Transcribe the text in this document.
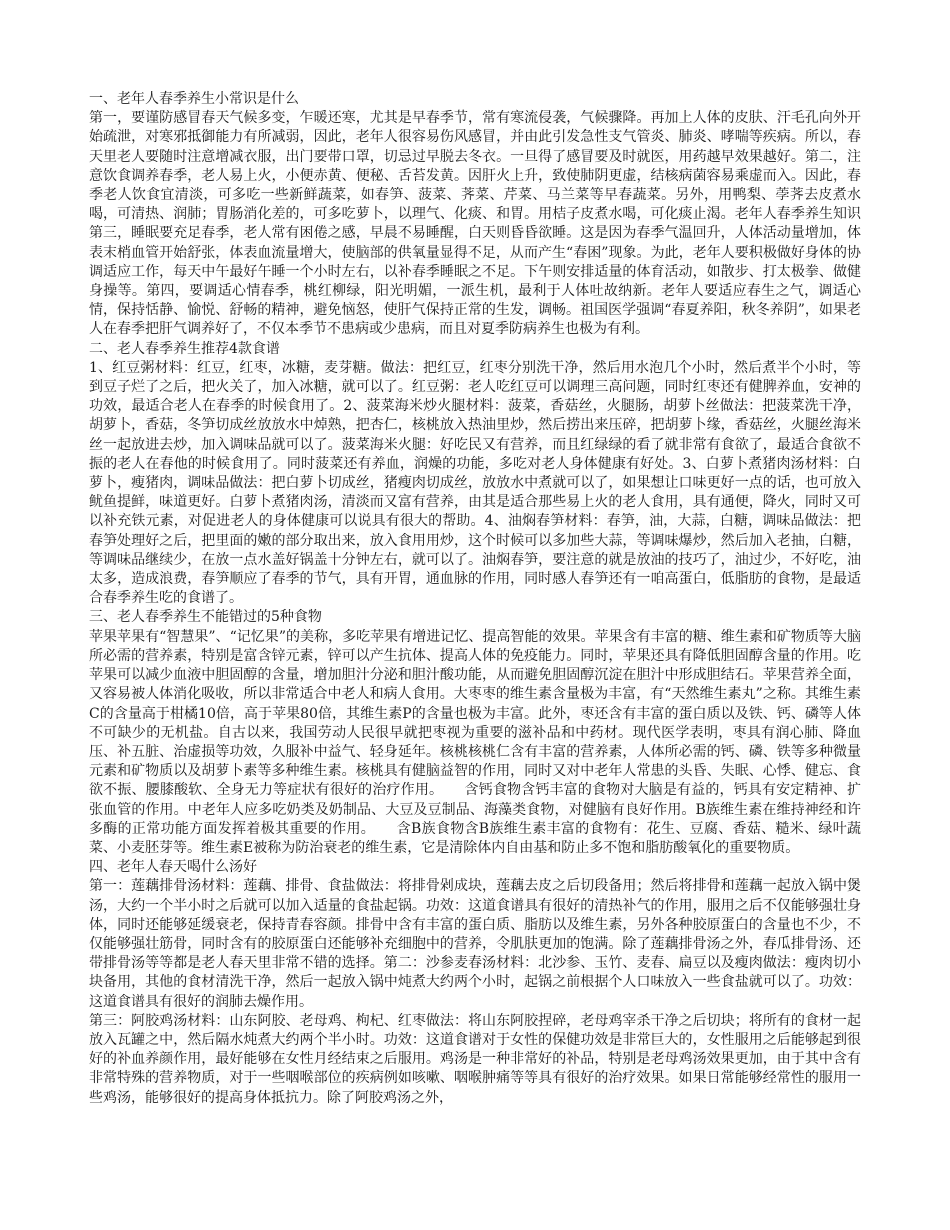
一、老年人春季养生小常识是什么

第一，要谨防感冒春天气候多变，乍暖还寒，尤其是早春季节，常有寒流侵袭，气候骤降。再加上人体的皮肤、汗毛孔向外开始疏泄，对寒邪抵御能力有所减弱，因此，老年人很容易伤风感冒，并由此引发急性支气管炎、肺炎、哮喘等疾病。所以，春天里老人要随时注意增减衣服，出门要带口罩，切忌过早脱去冬衣。一旦得了感冒要及时就医，用药越早效果越好。第二，注意饮食调养春季，老人易上火，小便赤黄、便秘、舌苔发黄。因肝火上升，致使肺阴更虚，结核病菌容易乘虚而入。因此，春季老人饮食宜清淡，可多吃一些新鲜蔬菜，如春笋、菠菜、荠菜、芹菜、马兰菜等早春蔬菜。另外，用鸭梨、荸荠去皮煮水喝，可清热、润肺；胃肠消化差的，可多吃萝卜，以理气、化痰、和胃。用桔子皮煮水喝，可化痰止渴。老年人春季养生知识第三，睡眠要充足春季，老人常有困倦之感，早晨不易睡醒，白天则昏昏欲睡。这是因为春季气温回升，人体活动量增加，体表末梢血管开始舒张，体表血流量增大，使脑部的供氧量显得不足，从而产生“春困”现象。为此，老年人要积极做好身体的协调适应工作，每天中午最好午睡一个小时左右，以补春季睡眠之不足。下午则安排适量的体育活动，如散步、打太极拳、做健身操等。第四，要调适心情春季，桃红柳绿，阳光明媚，一派生机，最利于人体吐故纳新。老年人要适应春生之气，调适心情，保持恬静、愉悦、舒畅的精神，避免恼怒，使肝气保持正常的生发，调畅。祖国医学强调“春夏养阳，秋冬养阴”，如果老人在春季把肝气调养好了，不仅本季节不患病或少患病，而且对夏季防病养生也极为有利。

二、老人春季养生推荐4款食谱

1、红豆粥材料：红豆，红枣，冰糖，麦芽糖。做法：把红豆，红枣分别洗干净，然后用水泡几个小时，然后煮半个小时，等到豆子烂了之后，把火关了，加入冰糖，就可以了。红豆粥：老人吃红豆可以调理三高问题，同时红枣还有健脾养血，安神的功效，最适合老人在春季的时候食用了。2、菠菜海米炒火腿材料：菠菜，香菇丝，火腿肠，胡萝卜丝做法：把菠菜洗干净，胡萝卜，香菇，冬笋切成丝放放水中焯熟，把杏仁，核桃放入热油里炒，然后捞出来压碎，把胡萝卜缘，香菇丝，火腿丝海米丝一起放进去炒，加入调味品就可以了。菠菜海米火腿：好吃民又有营养，而且红绿绿的看了就非常有食欲了，最适合食欲不振的老人在春他的时候食用了。同时菠菜还有养血，润燥的功能，多吃对老人身体健康有好处。3、白萝卜煮猪肉汤材料：白萝卜，瘦猪肉，调味品做法：把白萝卜切成丝，猪瘦肉切成丝，放放水中煮就可以了，如果想让口味更好一点的话，也可放入鱿鱼提鲜，味道更好。白萝卜煮猪肉汤，清淡而又富有营养，由其是适合那些易上火的老人食用，具有通便，降火，同时又可以补充铁元素，对促进老人的身体健康可以说具有很大的帮助。4、油焖春笋材料：春笋，油，大蒜，白糖，调味品做法：把春笋处理好之后，把里面的嫩的部分取出来，放入食用用炒，这个时候可以多加些大蒜，等调味爆炒，然后加入老抽，白糖，等调味品继续少，在放一点水盖好锅盖十分钟左右，就可以了。油焖春笋，要注意的就是放油的技巧了，油过少，不好吃，油太多，造成浪费，春笋顺应了春季的节气，具有开胃，通血脉的作用，同时感人春笋还有一咱高蛋白，低脂肪的食物，是最适合春季养生吃的食谱了。

三、老人春季养生不能错过的5种食物

苹果苹果有“智慧果”、“记忆果”的美称，多吃苹果有增进记忆、提高智能的效果。苹果含有丰富的糖、维生素和矿物质等大脑所必需的营养素，特别是富含锌元素，锌可以产生抗体、提高人体的免疫能力。同时，苹果还具有降低胆固醇含量的作用。吃苹果可以减少血液中胆固醇的含量，增加胆汁分泌和胆汁酸功能，从而避免胆固醇沉淀在胆汁中形成胆结石。苹果营养全面，又容易被人体消化吸收，所以非常适合中老人和病人食用。大枣枣的维生素含量极为丰富，有“天然维生素丸”之称。其维生素C的含量高于柑橘10倍，高于苹果80倍，其维生素P的含量也极为丰富。此外，枣还含有丰富的蛋白质以及铁、钙、磷等人体不可缺少的无机盐。自古以来，我国劳动人民很早就把枣视为重要的滋补品和中药材。现代医学表明，枣具有润心肺、降血压、补五脏、治虚损等功效，久服补中益气、轻身延年。核桃核桃仁含有丰富的营养素，人体所必需的钙、磷、铁等多种微量元素和矿物质以及胡萝卜素等多种维生素。核桃具有健脑益智的作用，同时又对中老年人常患的头昏、失眠、心悸、健忘、食欲不振、腰膝酸软、全身无力等症状有很好的治疗作用。　　含钙食物含钙丰富的食物对大脑是有益的，钙具有安定精神、扩张血管的作用。中老年人应多吃奶类及奶制品、大豆及豆制品、海藻类食物，对健脑有良好作用。B族维生素在维持神经和许多酶的正常功能方面发挥着极其重要的作用。　　含B族食物含B族维生素丰富的食物有：花生、豆腐、香菇、糙米、绿叶蔬菜、小麦胚芽等。维生素E被称为防治衰老的维生素，它是清除体内自由基和防止多不饱和脂肪酸氧化的重要物质。

四、老年人春天喝什么汤好

第一：莲藕排骨汤材料：莲藕、排骨、食盐做法：将排骨剁成块，莲藕去皮之后切段备用；然后将排骨和莲藕一起放入锅中煲汤，大约一个半小时之后就可以加入适量的食盐起锅。功效：这道食谱具有很好的清热补气的作用，服用之后不仅能够强壮身体，同时还能够延缓衰老，保持青春容颜。排骨中含有丰富的蛋白质、脂肪以及维生素，另外各种胶原蛋白的含量也不少，不仅能够强壮筋骨，同时含有的胶原蛋白还能够补充细胞中的营养，令肌肤更加的饱满。除了莲藕排骨汤之外，春瓜排骨汤、还带排骨汤等等都是老人春天里非常不错的选择。第二：沙参麦春汤材料：北沙参、玉竹、麦春、扁豆以及瘦肉做法：瘦肉切小块备用，其他的食材清洗干净，然后一起放入锅中炖煮大约两个小时，起锅之前根据个人口味放入一些食盐就可以了。功效：这道食谱具有很好的润肺去燥作用。

第三：阿胶鸡汤材料：山东阿胶、老母鸡、枸杞、红枣做法：将山东阿胶捏碎，老母鸡宰杀干净之后切块；将所有的食材一起放入瓦罐之中，然后隔水炖煮大约两个半小时。功效：这道食谱对于女性的保健功效是非常巨大的，女性服用之后能够起到很好的补血养颜作用，最好能够在女性月经结束之后服用。鸡汤是一种非常好的补品，特别是老母鸡汤效果更加，由于其中含有非常特殊的营养物质，对于一些咽喉部位的疾病例如咳嗽、咽喉肿痛等等具有很好的治疗效果。如果日常能够经常性的服用一些鸡汤，能够很好的提高身体抵抗力。除了阿胶鸡汤之外，
